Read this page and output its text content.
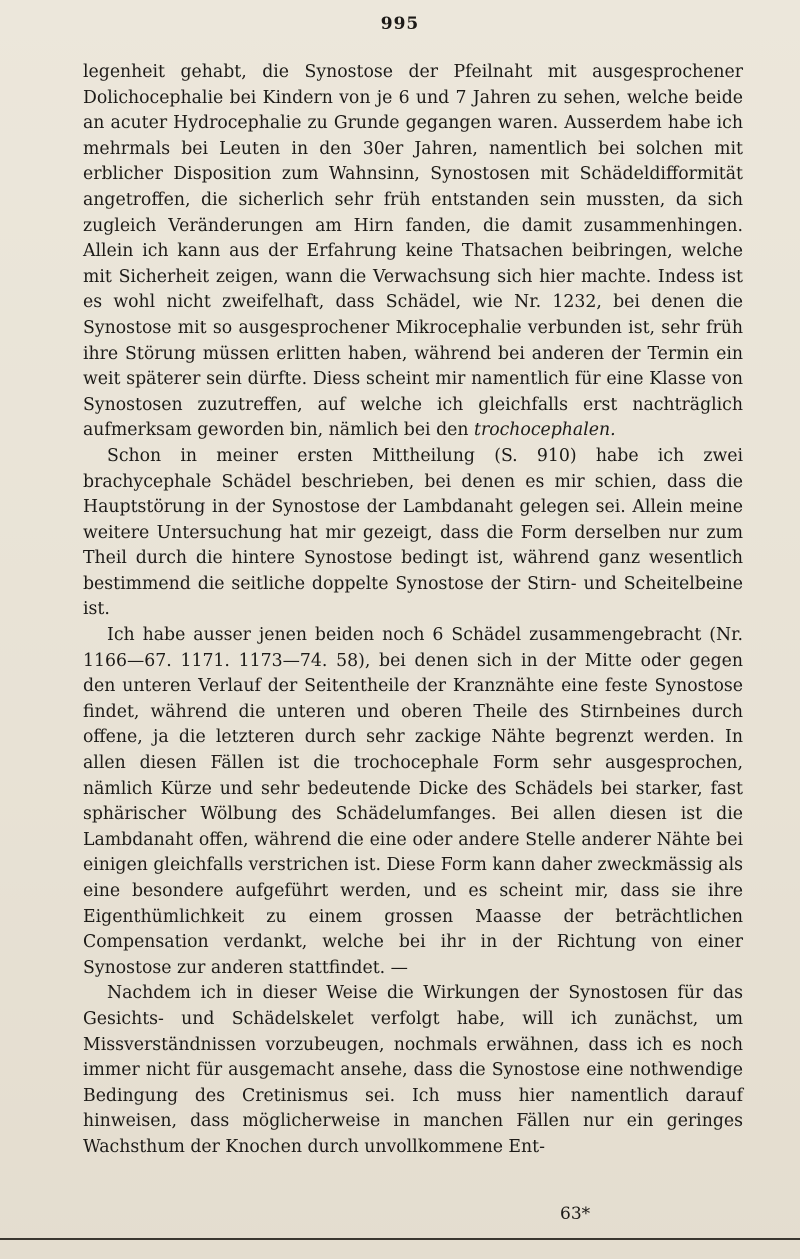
995

legenheit gehabt, die Synostose der Pfeilnaht mit ausgesprochener Dolichocephalie bei Kindern von je 6 und 7 Jahren zu sehen, welche beide an acuter Hydrocephalie zu Grunde gegangen waren. Ausserdem habe ich mehrmals bei Leuten in den 30er Jahren, namentlich bei solchen mit erblicher Disposition zum Wahnsinn, Synostosen mit Schädeldifformität angetroffen, die sicherlich sehr früh entstanden sein mussten, da sich zugleich Veränderungen am Hirn fanden, die damit zusammenhingen. Allein ich kann aus der Erfahrung keine Thatsachen beibringen, welche mit Sicherheit zeigen, wann die Verwachsung sich hier machte. Indess ist es wohl nicht zweifelhaft, dass Schädel, wie Nr. 1232, bei denen die Synostose mit so ausgesprochener Mikrocephalie verbunden ist, sehr früh ihre Störung müssen erlitten haben, während bei anderen der Termin ein weit späterer sein dürfte. Diess scheint mir namentlich für eine Klasse von Synostosen zuzutreffen, auf welche ich gleichfalls erst nachträglich aufmerksam geworden bin, nämlich bei den trochocephalen.

Schon in meiner ersten Mittheilung (S. 910) habe ich zwei brachycephale Schädel beschrieben, bei denen es mir schien, dass die Hauptstörung in der Synostose der Lambdanaht gelegen sei. Allein meine weitere Untersuchung hat mir gezeigt, dass die Form derselben nur zum Theil durch die hintere Synostose bedingt ist, während ganz wesentlich bestimmend die seitliche doppelte Synostose der Stirn- und Scheitelbeine ist.

Ich habe ausser jenen beiden noch 6 Schädel zusammengebracht (Nr. 1166—67. 1171. 1173—74. 58), bei denen sich in der Mitte oder gegen den unteren Verlauf der Seitentheile der Kranznähte eine feste Synostose findet, während die unteren und oberen Theile des Stirnbeines durch offene, ja die letzteren durch sehr zackige Nähte begrenzt werden. In allen diesen Fällen ist die trochocephale Form sehr ausgesprochen, nämlich Kürze und sehr bedeutende Dicke des Schädels bei starker, fast sphärischer Wölbung des Schädelumfanges. Bei allen diesen ist die Lambdanaht offen, während die eine oder andere Stelle anderer Nähte bei einigen gleichfalls verstrichen ist. Diese Form kann daher zweckmässig als eine besondere aufgeführt werden, und es scheint mir, dass sie ihre Eigenthümlichkeit zu einem grossen Maasse der beträchtlichen Compensation verdankt, welche bei ihr in der Richtung von einer Synostose zur anderen stattfindet. —

Nachdem ich in dieser Weise die Wirkungen der Synostosen für das Gesichts- und Schädelskelet verfolgt habe, will ich zunächst, um Missverständnissen vorzubeugen, nochmals erwähnen, dass ich es noch immer nicht für ausgemacht ansehe, dass die Synostose eine nothwendige Bedingung des Cretinismus sei. Ich muss hier namentlich darauf hinweisen, dass möglicherweise in manchen Fällen nur ein geringes Wachsthum der Knochen durch unvollkommene Ent-

63*
